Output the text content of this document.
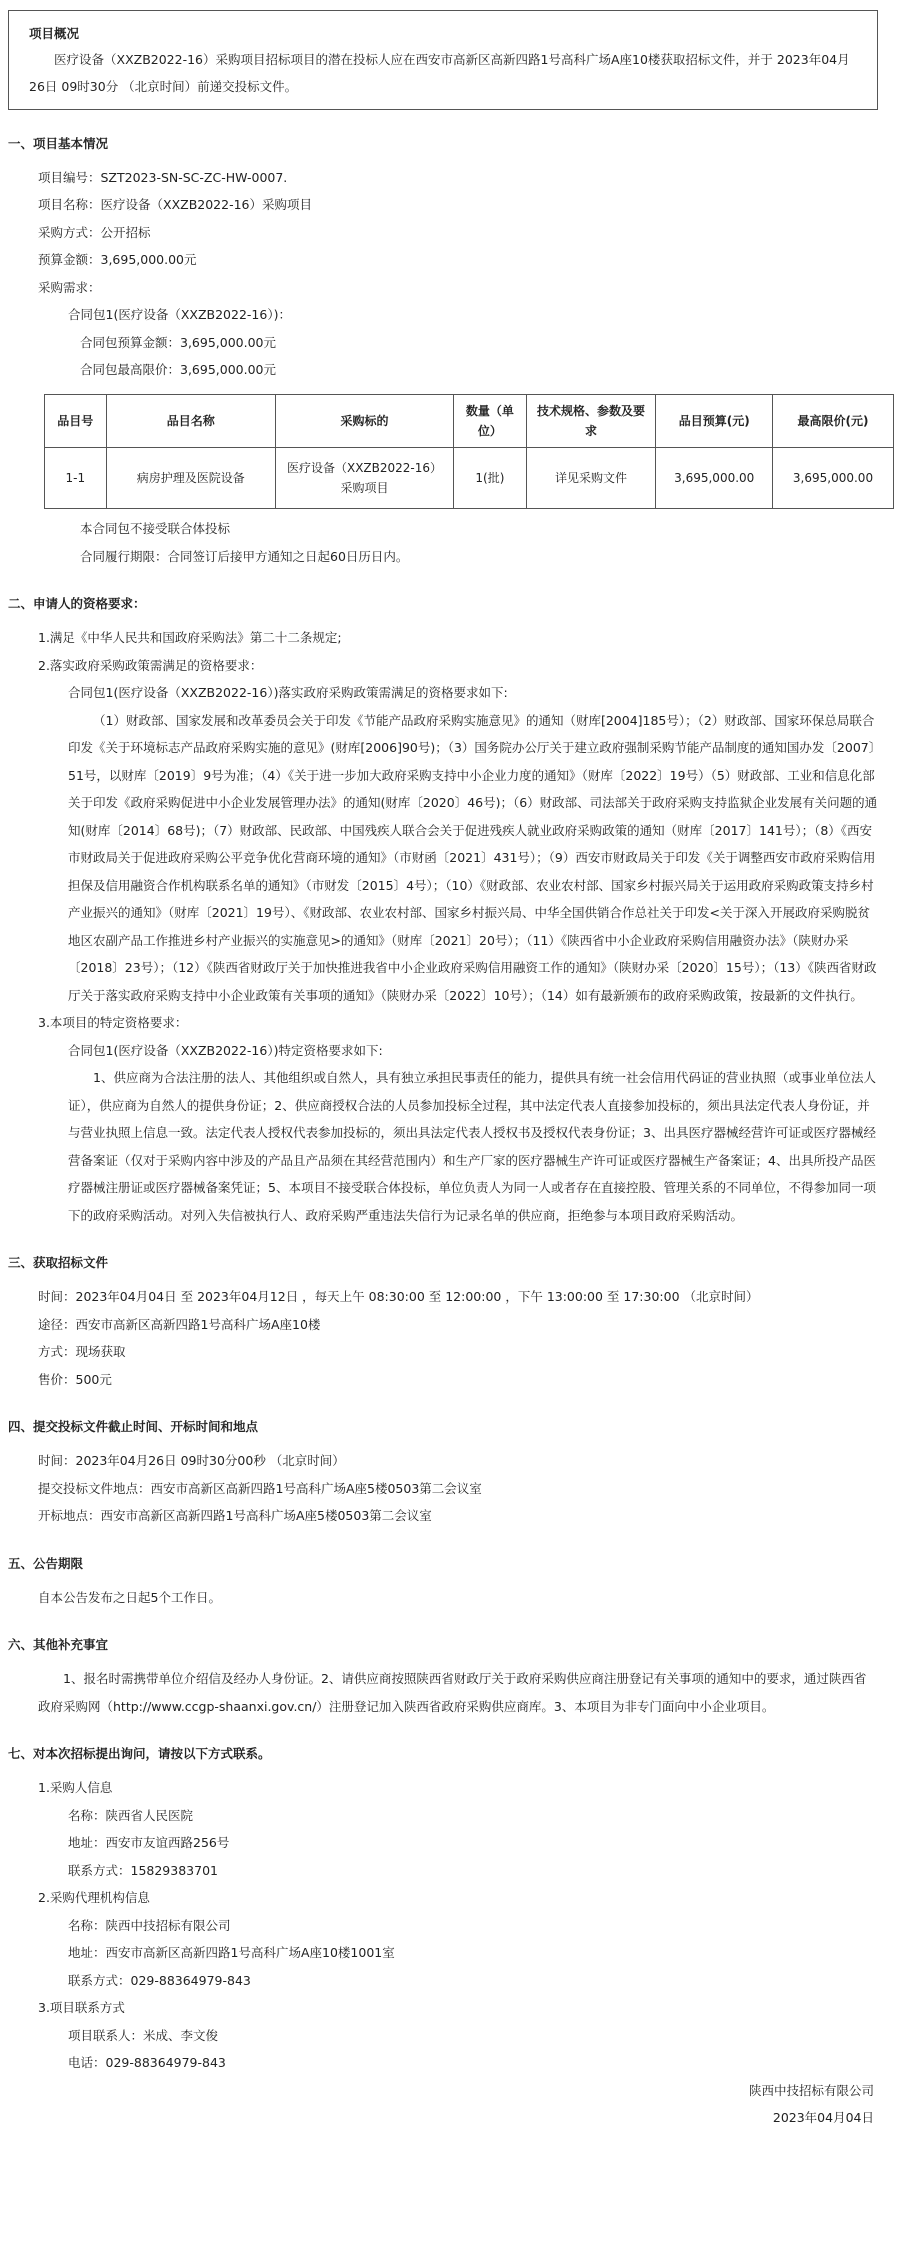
项目概况
医疗设备（XXZB2022-16）采购项目招标项目的潜在投标人应在西安市高新区高新四路1号高科广场A座10楼获取招标文件，并于 2023年04月26日 09时30分 （北京时间）前递交投标文件。
一、项目基本情况
项目编号：SZT2023-SN-SC-ZC-HW-0007.
项目名称：医疗设备（XXZB2022-16）采购项目
采购方式：公开招标
预算金额：3,695,000.00元
采购需求：
合同包1(医疗设备（XXZB2022-16）)：
合同包预算金额：3,695,000.00元
合同包最高限价：3,695,000.00元
品目号	品目名称	采购标的	数量（单位）	技术规格、参数及要求	品目预算(元)	最高限价(元)
1-1	病房护理及医院设备	医疗设备（XXZB2022-16）采购项目	1(批)	详见采购文件	3,695,000.00	3,695,000.00
本合同包不接受联合体投标
合同履行期限：合同签订后接甲方通知之日起60日历日内。
二、申请人的资格要求：
1.满足《中华人民共和国政府采购法》第二十二条规定;
2.落实政府采购政策需满足的资格要求：
合同包1(医疗设备（XXZB2022-16）)落实政府采购政策需满足的资格要求如下:
（1）财政部、国家发展和改革委员会关于印发《节能产品政府采购实施意见》的通知（财库[2004]185号）；（2）财政部、国家环保总局联合印发《关于环境标志产品政府采购实施的意见》(财库[2006]90号)；（3）国务院办公厅关于建立政府强制采购节能产品制度的通知国办发〔2007〕51号，以财库〔2019〕9号为准；（4）《关于进一步加大政府采购支持中小企业力度的通知》（财库〔2022〕19号）（5）财政部、工业和信息化部关于印发《政府采购促进中小企业发展管理办法》的通知(财库〔2020〕46号)；（6）财政部、司法部关于政府采购支持监狱企业发展有关问题的通知(财库〔2014〕68号)；（7）财政部、民政部、中国残疾人联合会关于促进残疾人就业政府采购政策的通知（财库〔2017〕141号）；（8）《西安市财政局关于促进政府采购公平竞争优化营商环境的通知》（市财函〔2021〕431号）；（9）西安市财政局关于印发《关于调整西安市政府采购信用担保及信用融资合作机构联系名单的通知》（市财发〔2015〕4号）；（10）《财政部、农业农村部、国家乡村振兴局关于运用政府采购政策支持乡村产业振兴的通知》（财库〔2021〕19号）、《财政部、农业农村部、国家乡村振兴局、中华全国供销合作总社关于印发<关于深入开展政府采购脱贫地区农副产品工作推进乡村产业振兴的实施意见>的通知》（财库〔2021〕20号）；（11）《陕西省中小企业政府采购信用融资办法》（陕财办采〔2018〕23号）；（12）《陕西省财政厅关于加快推进我省中小企业政府采购信用融资工作的通知》（陕财办采〔2020〕15号）；（13）《陕西省财政厅关于落实政府采购支持中小企业政策有关事项的通知》（陕财办采〔2022〕10号）；（14）如有最新颁布的政府采购政策，按最新的文件执行。
3.本项目的特定资格要求：
合同包1(医疗设备（XXZB2022-16）)特定资格要求如下:
1、供应商为合法注册的法人、其他组织或自然人，具有独立承担民事责任的能力，提供具有统一社会信用代码证的营业执照（或事业单位法人证），供应商为自然人的提供身份证；2、供应商授权合法的人员参加投标全过程，其中法定代表人直接参加投标的，须出具法定代表人身份证，并与营业执照上信息一致。法定代表人授权代表参加投标的，须出具法定代表人授权书及授权代表身份证；3、出具医疗器械经营许可证或医疗器械经营备案证（仅对于采购内容中涉及的产品且产品须在其经营范围内）和生产厂家的医疗器械生产许可证或医疗器械生产备案证；4、出具所投产品医疗器械注册证或医疗器械备案凭证；5、本项目不接受联合体投标，单位负责人为同一人或者存在直接控股、管理关系的不同单位，不得参加同一项下的政府采购活动。对列入失信被执行人、政府采购严重违法失信行为记录名单的供应商，拒绝参与本项目政府采购活动。
三、获取招标文件
时间：2023年04月04日 至 2023年04月12日 ，每天上午 08:30:00 至 12:00:00 ，下午 13:00:00 至 17:30:00 （北京时间）
途径：西安市高新区高新四路1号高科广场A座10楼
方式：现场获取
售价：500元
四、提交投标文件截止时间、开标时间和地点
时间：2023年04月26日 09时30分00秒 （北京时间）
提交投标文件地点：西安市高新区高新四路1号高科广场A座5楼0503第二会议室
开标地点：西安市高新区高新四路1号高科广场A座5楼0503第二会议室
五、公告期限
自本公告发布之日起5个工作日。
六、其他补充事宜
1、报名时需携带单位介绍信及经办人身份证。2、请供应商按照陕西省财政厅关于政府采购供应商注册登记有关事项的通知中的要求，通过陕西省政府采购网（http://www.ccgp-shaanxi.gov.cn/）注册登记加入陕西省政府采购供应商库。3、本项目为非专门面向中小企业项目。
七、对本次招标提出询问，请按以下方式联系。
1.采购人信息
名称：陕西省人民医院
地址：西安市友谊西路256号
联系方式：15829383701
2.采购代理机构信息
名称：陕西中技招标有限公司
地址：西安市高新区高新四路1号高科广场A座10楼1001室
联系方式：029-88364979-843
3.项目联系方式
项目联系人：米成、李文俊
电话：029-88364979-843
陕西中技招标有限公司
2023年04月04日
